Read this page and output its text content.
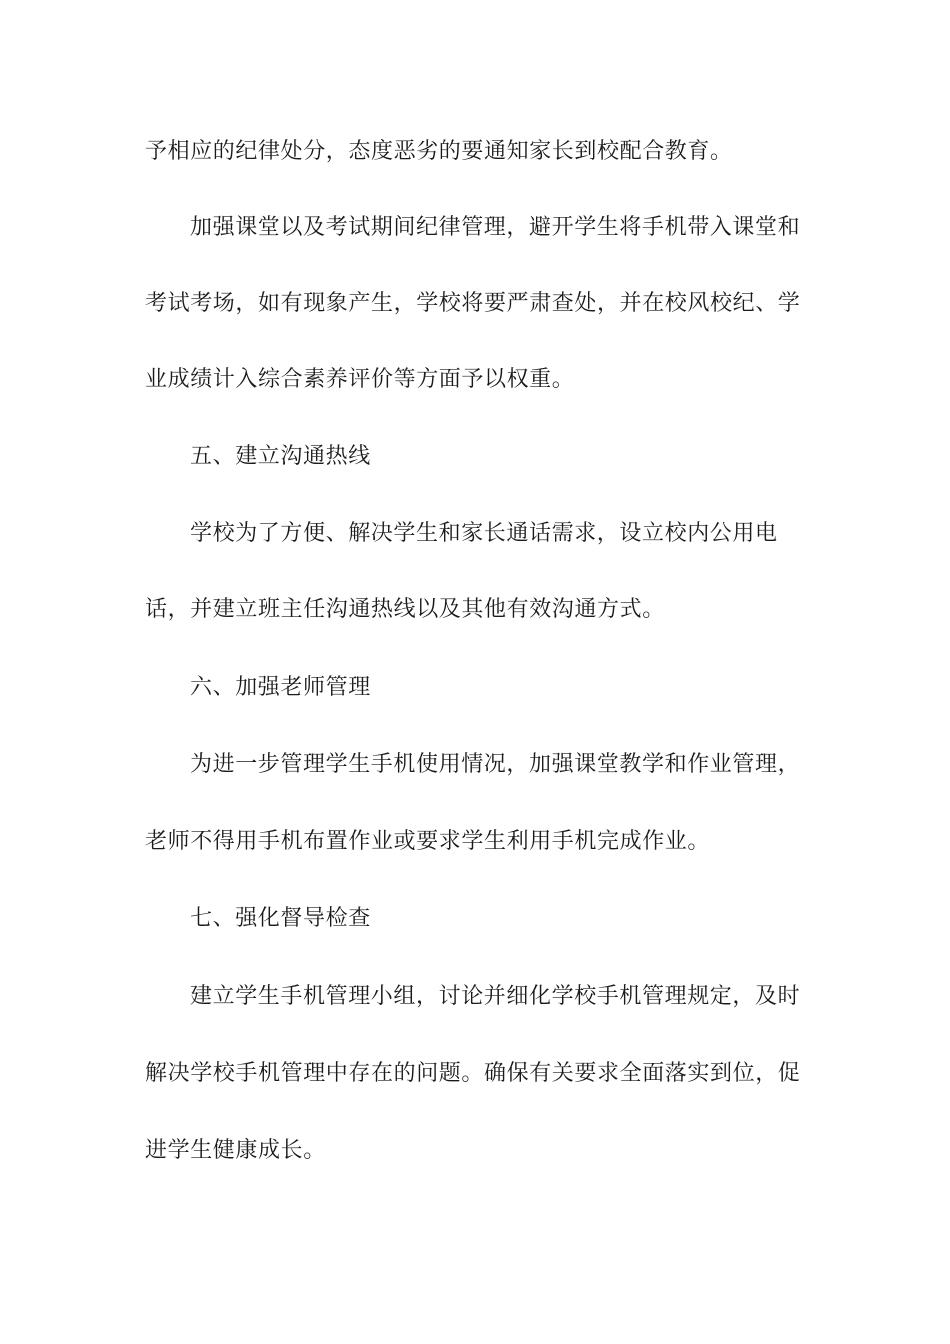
予相应的纪律处分，态度恶劣的要通知家长到校配合教育。
加强课堂以及考试期间纪律管理，避开学生将手机带入课堂和
考试考场，如有现象产生，学校将要严肃查处，并在校风校纪、学
业成绩计入综合素养评价等方面予以权重。
五、建立沟通热线
学校为了方便、解决学生和家长通话需求，设立校内公用电
话，并建立班主任沟通热线以及其他有效沟通方式。
六、加强老师管理
为进一步管理学生手机使用情况，加强课堂教学和作业管理，
老师不得用手机布置作业或要求学生利用手机完成作业。
七、强化督导检查
建立学生手机管理小组，讨论并细化学校手机管理规定，及时
解决学校手机管理中存在的问题。确保有关要求全面落实到位，促
进学生健康成长。
